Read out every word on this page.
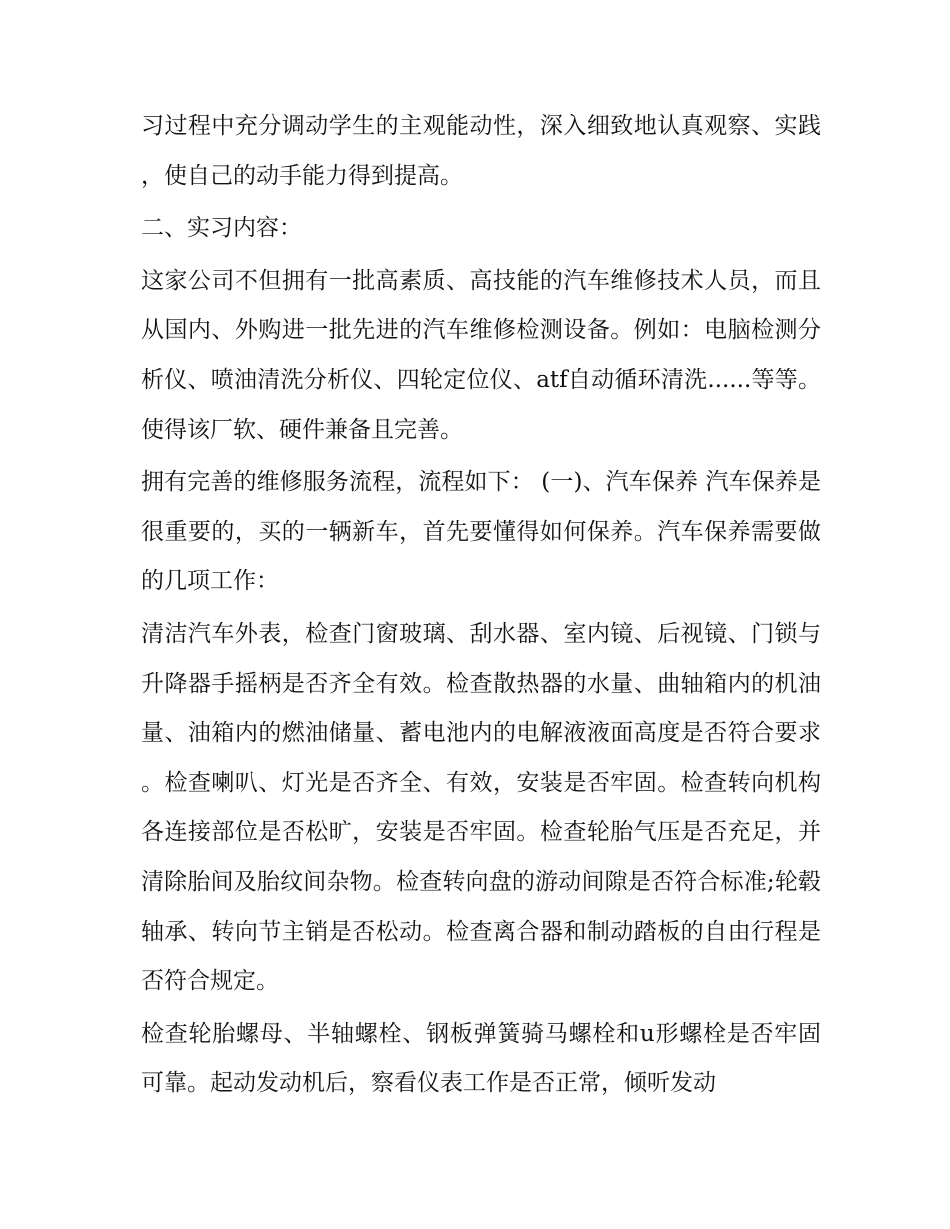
习过程中充分调动学生的主观能动性，深入细致地认真观察、实践，使自己的动手能力得到提高。

二、实习内容：

这家公司不但拥有一批高素质、高技能的汽车维修技术人员，而且从国内、外购进一批先进的汽车维修检测设备。例如：电脑检测分析仪、喷油清洗分析仪、四轮定位仪、atf自动循环清洗......等等。使得该厂软、硬件兼备且完善。

拥有完善的维修服务流程，流程如下： (一)、汽车保养 汽车保养是很重要的，买的一辆新车，首先要懂得如何保养。汽车保养需要做的几项工作：

清洁汽车外表，检查门窗玻璃、刮水器、室内镜、后视镜、门锁与升降器手摇柄是否齐全有效。检查散热器的水量、曲轴箱内的机油量、油箱内的燃油储量、蓄电池内的电解液液面高度是否符合要求。检查喇叭、灯光是否齐全、有效，安装是否牢固。检查转向机构各连接部位是否松旷，安装是否牢固。检查轮胎气压是否充足，并清除胎间及胎纹间杂物。检查转向盘的游动间隙是否符合标准;轮毂轴承、转向节主销是否松动。检查离合器和制动踏板的自由行程是否符合规定。

检查轮胎螺母、半轴螺栓、钢板弹簧骑马螺栓和u形螺栓是否牢固可靠。起动发动机后，察看仪表工作是否正常，倾听发动
